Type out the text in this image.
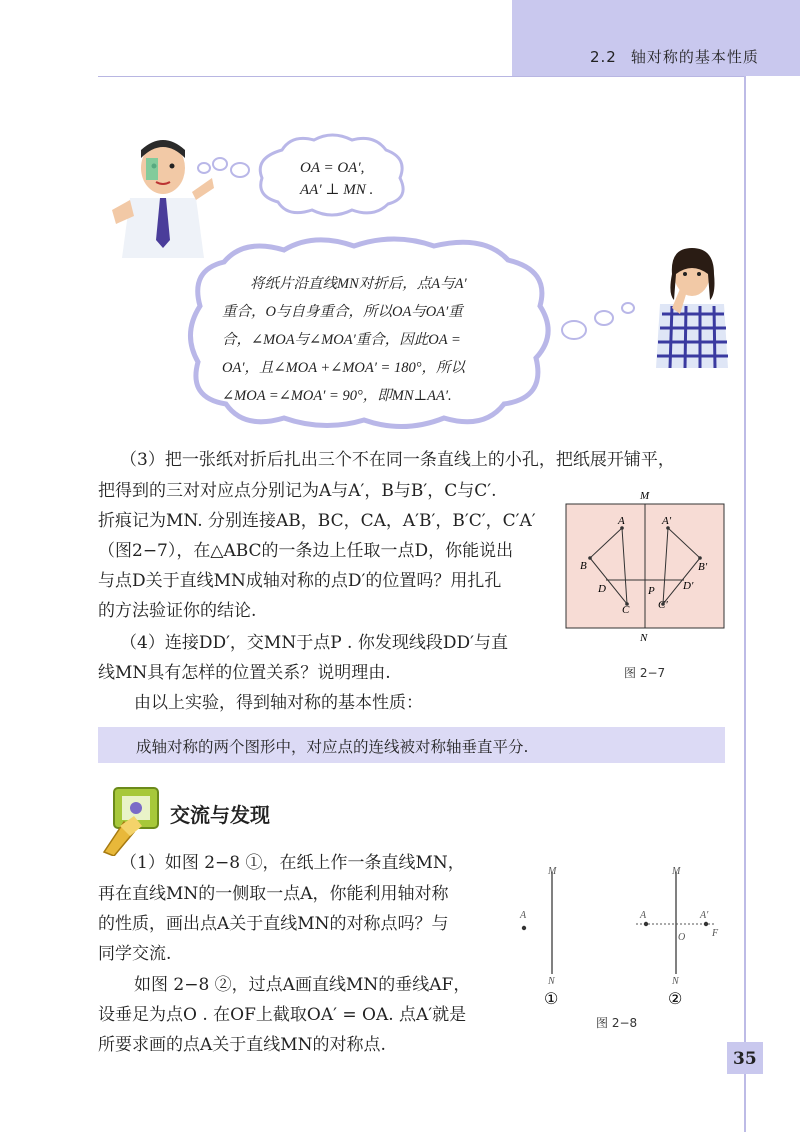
2.2 轴对称的基本性质
OA = OA′,
AA′ ⊥ MN .
将纸片沿直线MN对折后，点A与A′
重合，O与自身重合，所以OA与OA′重
合，∠MOA与∠MOA′重合，因此OA =
OA′，且∠MOA +∠MOA′ = 180°，所以
∠MOA =∠MOA′ = 90°，即MN⊥AA′.
（3）把一张纸对折后扎出三个不在同一条直线上的小孔，把纸展开铺平，
把得到的三对对应点分别记为A与A′，B与B′，C与C′.
折痕记为MN. 分别连接AB，BC，CA，A′B′，B′C′，C′A′
（图2−7），在△ABC的一条边上任取一点D，你能说出
与点D关于直线MN成轴对称的点D′的位置吗？用扎孔
的方法验证你的结论.
（4）连接DD′，交MN于点P . 你发现线段DD′与直
线MN具有怎样的位置关系？说明理由.
由以上实验，得到轴对称的基本性质：
M
N
A	A′
B	B′
D	D′
P
C	C′
图 2−7
成轴对称的两个图形中，对应点的连线被对称轴垂直平分.
交流与发现
（1）如图 2−8 ①，在纸上作一条直线MN，
再在直线MN的一侧取一点A，你能利用轴对称
的性质，画出点A关于直线MN的对称点吗？与
同学交流.
如图 2−8 ②，过点A画直线MN的垂线AF，
设垂足为点O . 在OF上截取OA′ = OA. 点A′就是
所要求画的点A关于直线MN的对称点.
M
N
A
①
M
N
A	A′
O	F
②
图 2−8
35
